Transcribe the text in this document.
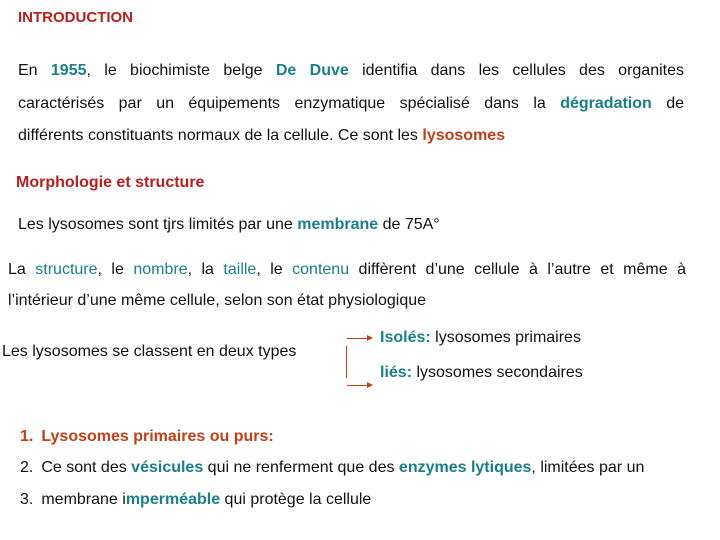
INTRODUCTION
En 1955, le biochimiste belge De Duve identifia dans les cellules des organites
caractérisés par un équipements enzymatique spécialisé dans la dégradation de
différents constituants normaux de la cellule. Ce sont les lysosomes
Morphologie et structure
Les lysosomes sont tjrs limités par une membrane de 75A°
La structure, le nombre, la taille, le contenu diffèrent d’une cellule à l’autre et même à
l’intérieur d’une même cellule, selon son état physiologique
Les lysosomes se classent en deux types
Isolés: lysosomes primaires
liés: lysosomes secondaires
1. Lysosomes primaires ou purs:
2. Ce sont des vésicules qui ne renferment que des enzymes lytiques, limitées par un
3. membrane imperméable qui protège la cellule
